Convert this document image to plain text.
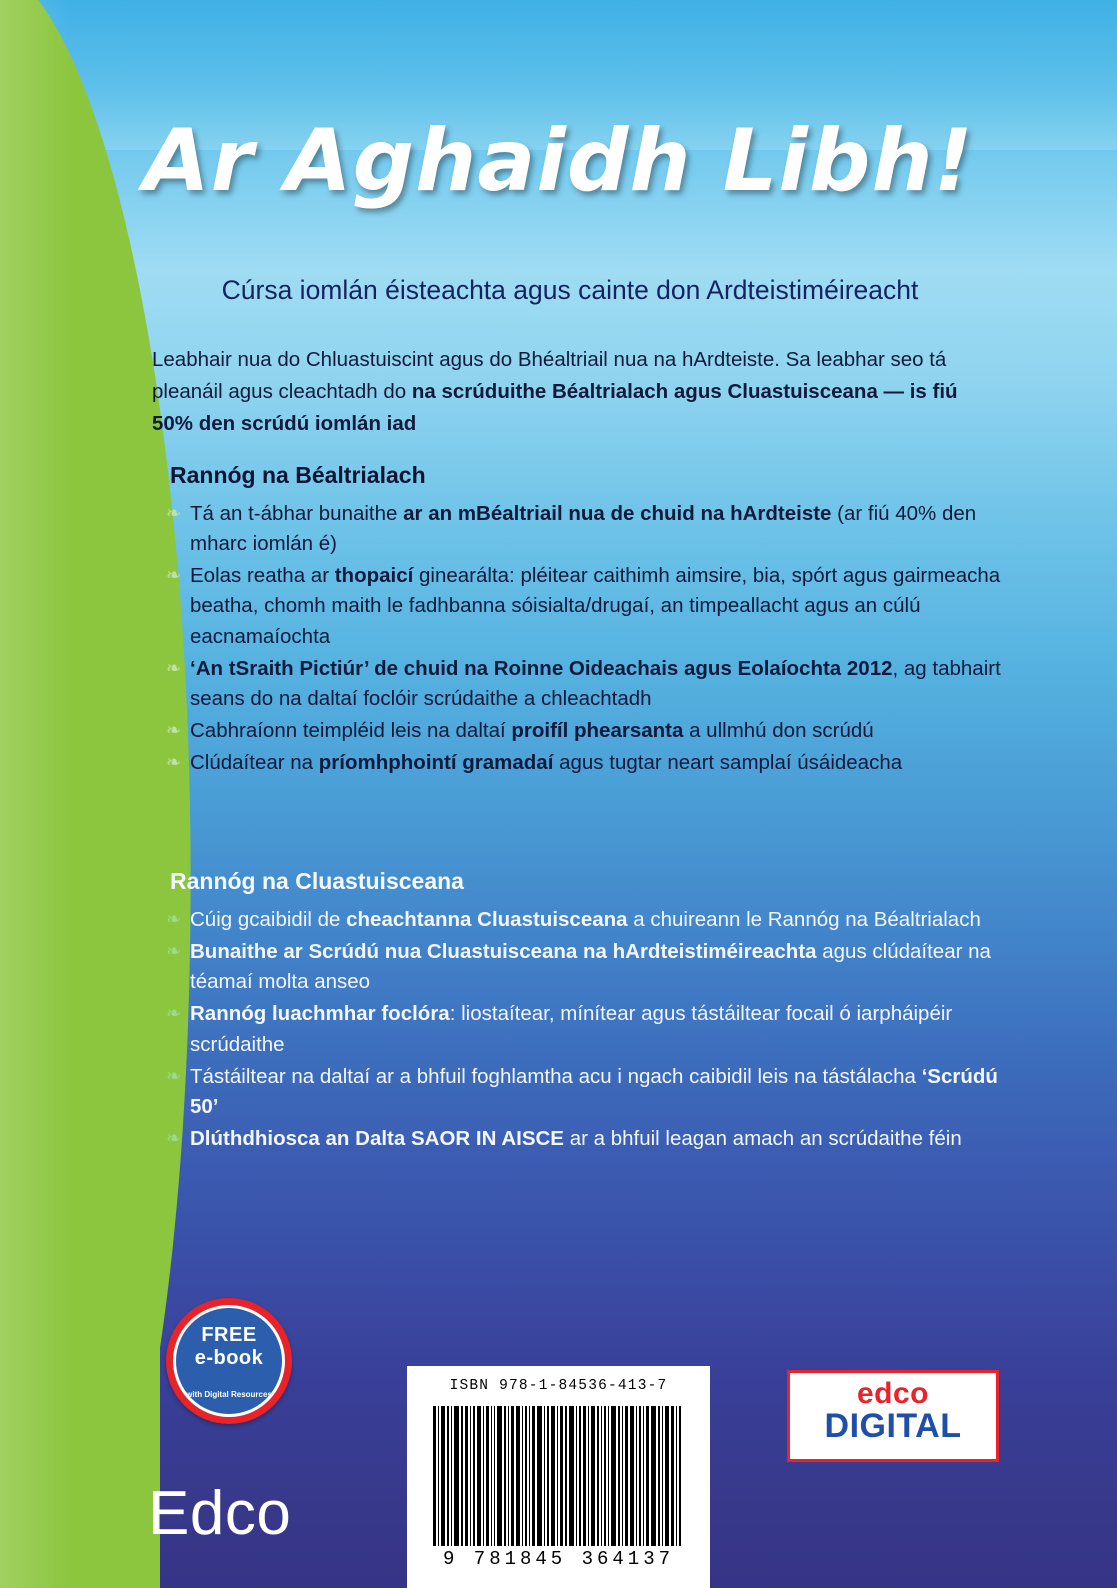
Ar Aghaidh Libh!
Cúrsa iomlán éisteachta agus cainte don Ardteistiméireacht
Leabhair nua do Chluastuiscint agus do Bhéaltriail nua na hArdteiste. Sa leabhar seo tá pleanáil agus cleachtadh do na scrúduithe Béaltrialach agus Cluastuisceana — is fiú 50% den scrúdú iomlán iad
Rannóg na Béaltrialach
❧ Tá an t-ábhar bunaithe ar an mBéaltriail nua de chuid na hArdteiste (ar fiú 40% den mharc iomlán é)
❧ Eolas reatha ar thopaicí ginearálta: pléitear caithimh aimsire, bia, spórt agus gairmeacha beatha, chomh maith le fadhbanna sóisialta/drugaí, an timpeallacht agus an cúlú eacnamaíochta
❧ ‘An tSraith Pictiúr’ de chuid na Roinne Oideachais agus Eolaíochta 2012, ag tabhairt seans do na daltaí foclóir scrúdaithe a chleachtadh
❧ Cabhraíonn teimpléid leis na daltaí proifíl phearsanta a ullmhú don scrúdú
❧ Clúdaítear na príomhphointí gramadaí agus tugtar neart samplaí úsáideacha
Rannóg na Cluastuisceana
❧ Cúig gcaibidil de cheachtanna Cluastuisceana a chuireann le Rannóg na Béaltrialach
❧ Bunaithe ar Scrúdú nua Cluastuisceana na hArdteistiméireachta agus clúdaítear na téamaí molta anseo
❧ Rannóg luachmhar foclóra: liostaítear, mínítear agus tástáiltear focail ó iarpháipéir scrúdaithe
❧ Tástáiltear na daltaí ar a bhfuil foghlamtha acu i ngach caibidil leis na tástálacha ‘Scrúdú 50’
❧ Dlúthdhiosca an Dalta SAOR IN AISCE ar a bhfuil leagan amach an scrúdaithe féin
FREE
e-book
with Digital Resources
Edco
ISBN 978-1-84536-413-7
9 781845 364137
edco
DIGITAL
